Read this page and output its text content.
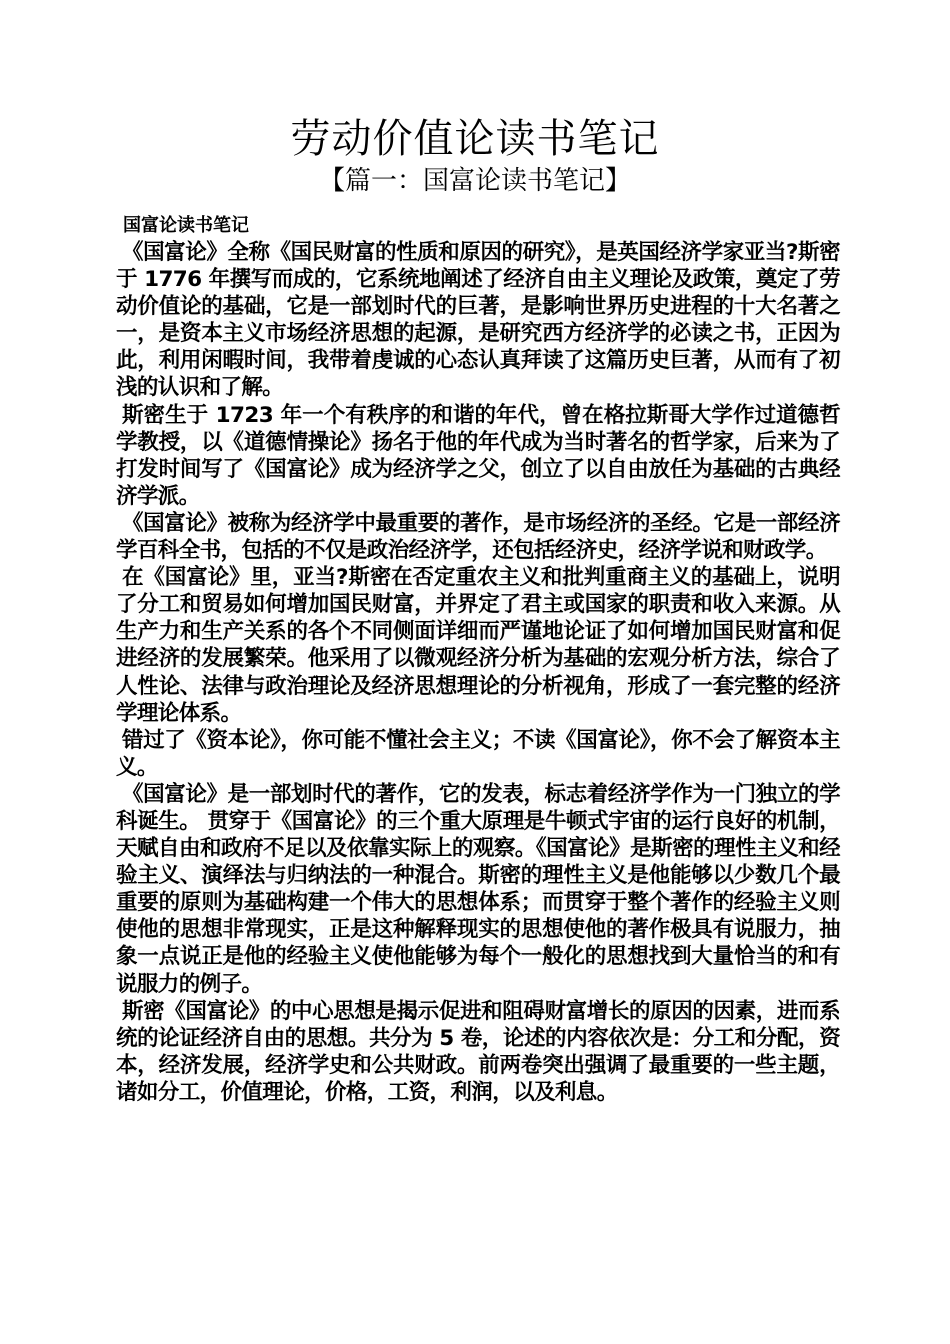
劳动价值论读书笔记
【篇一：国富论读书笔记】

国富论读书笔记

《国富论》全称《国民财富的性质和原因的研究》，是英国经济学家亚当?斯密于 1776 年撰写而成的，它系统地阐述了经济自由主义理论及政策，奠定了劳动价值论的基础，它是一部划时代的巨著，是影响世界历史进程的十大名著之一，是资本主义市场经济思想的起源，是研究西方经济学的必读之书，正因为此，利用闲暇时间，我带着虔诚的心态认真拜读了这篇历史巨著，从而有了初浅的认识和了解。

斯密生于 1723 年一个有秩序的和谐的年代，曾在格拉斯哥大学作过道德哲学教授，以《道德情操论》扬名于他的年代成为当时著名的哲学家，后来为了打发时间写了《国富论》成为经济学之父，创立了以自由放任为基础的古典经济学派。

《国富论》被称为经济学中最重要的著作，是市场经济的圣经。它是一部经济学百科全书，包括的不仅是政治经济学，还包括经济史，经济学说和财政学。

在《国富论》里，亚当?斯密在否定重农主义和批判重商主义的基础上，说明了分工和贸易如何增加国民财富，并界定了君主或国家的职责和收入来源。从生产力和生产关系的各个不同侧面详细而严谨地论证了如何增加国民财富和促进经济的发展繁荣。他采用了以微观经济分析为基础的宏观分析方法，综合了人性论、法律与政治理论及经济思想理论的分析视角，形成了一套完整的经济学理论体系。

错过了《资本论》，你可能不懂社会主义；不读《国富论》，你不会了解资本主义。

《国富论》是一部划时代的著作，它的发表，标志着经济学作为一门独立的学科诞生。 贯穿于《国富论》的三个重大原理是牛顿式宇宙的运行良好的机制，天赋自由和政府不足以及依靠实际上的观察。《国富论》是斯密的理性主义和经验主义、演绎法与归纳法的一种混合。斯密的理性主义是他能够以少数几个最重要的原则为基础构建一个伟大的思想体系；而贯穿于整个著作的经验主义则使他的思想非常现实，正是这种解释现实的思想使他的著作极具有说服力，抽象一点说正是他的经验主义使他能够为每个一般化的思想找到大量恰当的和有说服力的例子。

斯密《国富论》的中心思想是揭示促进和阻碍财富增长的原因的因素，进而系统的论证经济自由的思想。共分为 5 卷，论述的内容依次是：分工和分配，资本，经济发展，经济学史和公共财政。前两卷突出强调了最重要的一些主题，诸如分工，价值理论，价格，工资，利润，以及利息。
